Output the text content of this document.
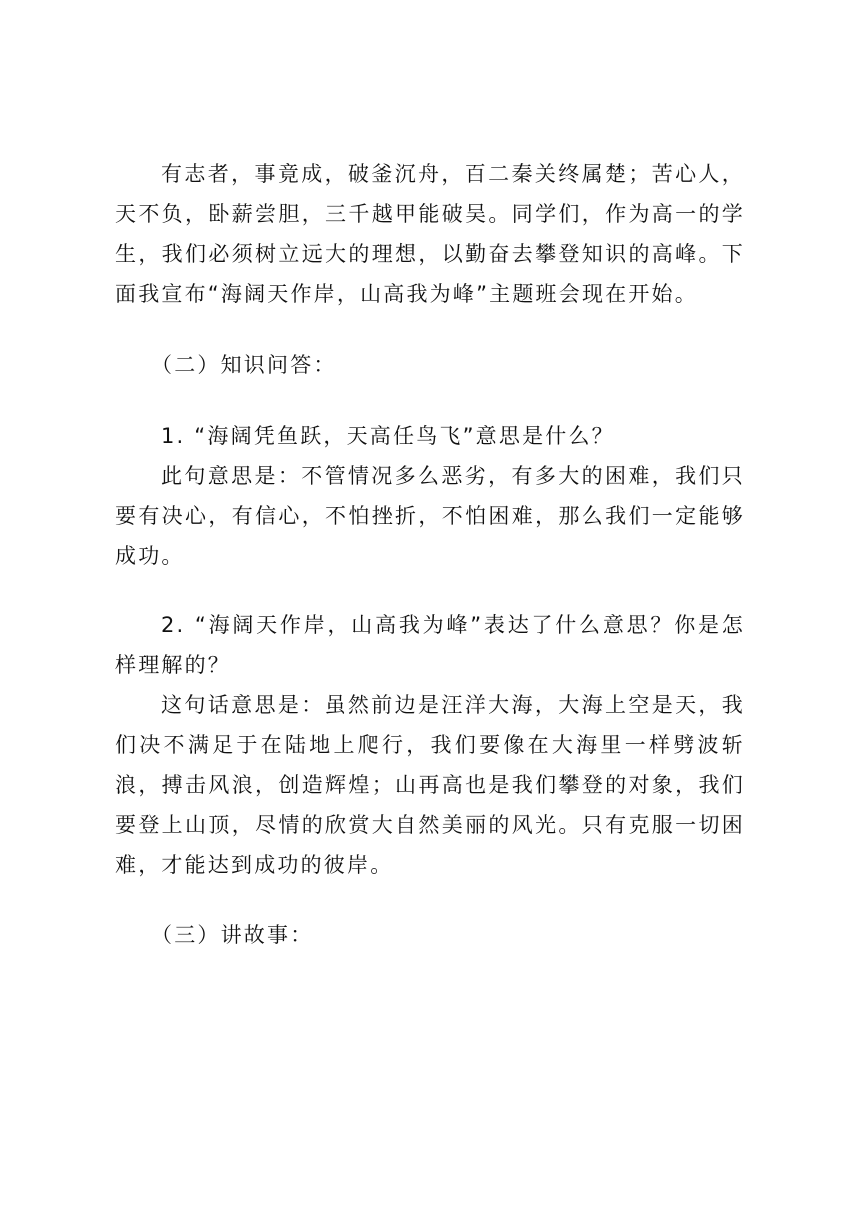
有志者，事竟成，破釜沉舟，百二秦关终属楚；苦心人，天不负，卧薪尝胆，三千越甲能破吴。同学们，作为高一的学生，我们必须树立远大的理想，以勤奋去攀登知识的高峰。下面我宣布“海阔天作岸，山高我为峰”主题班会现在开始。

（二）知识问答：

1. “海阔凭鱼跃，天高任鸟飞”意思是什么？

此句意思是：不管情况多么恶劣，有多大的困难，我们只要有决心，有信心，不怕挫折，不怕困难，那么我们一定能够成功。

2. “海阔天作岸，山高我为峰”表达了什么意思？你是怎样理解的？

这句话意思是：虽然前边是汪洋大海，大海上空是天，我们决不满足于在陆地上爬行，我们要像在大海里一样劈波斩浪，搏击风浪，创造辉煌；山再高也是我们攀登的对象，我们要登上山顶，尽情的欣赏大自然美丽的风光。只有克服一切困难，才能达到成功的彼岸。

（三）讲故事：
